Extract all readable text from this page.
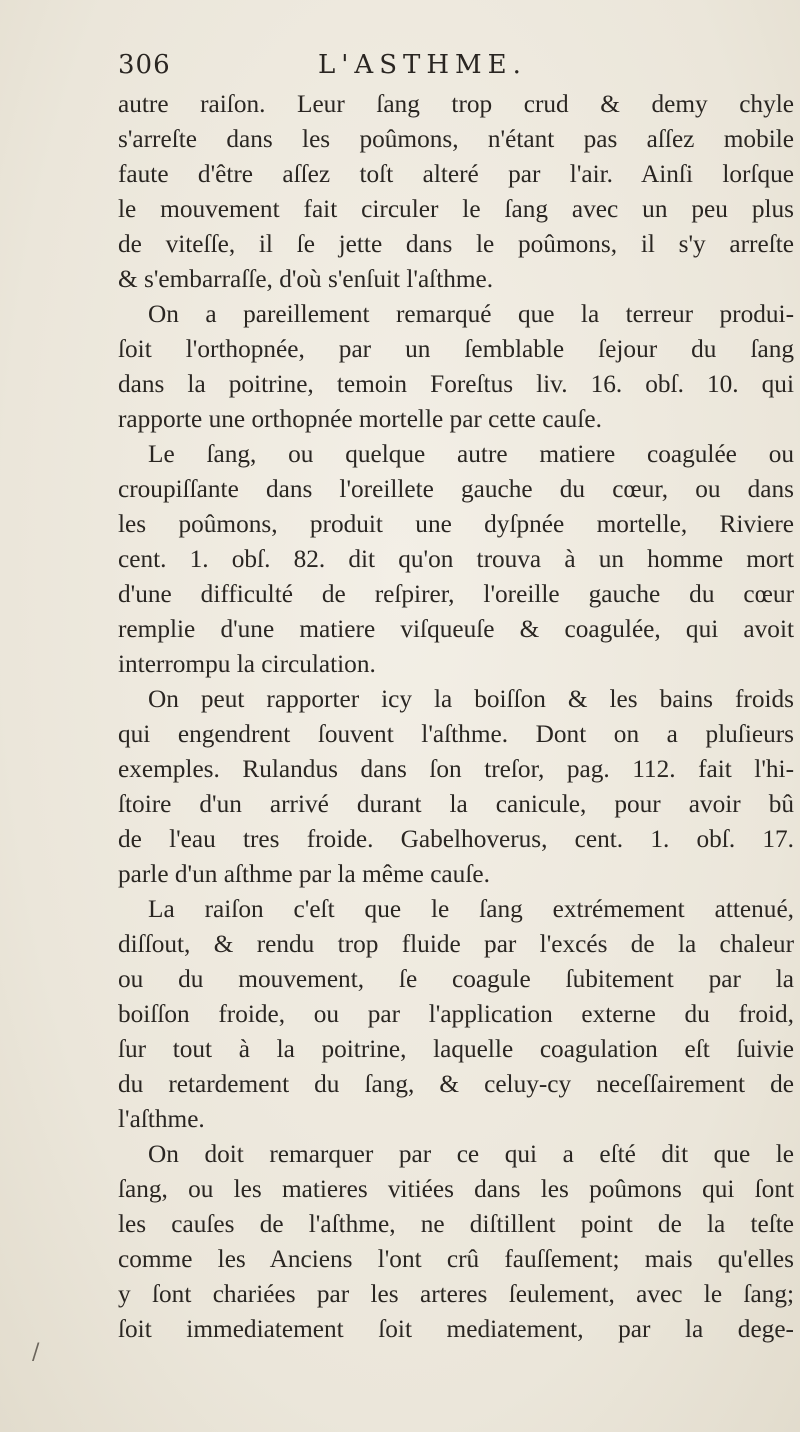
306	L'ASTHME.
autre raiſon. Leur ſang trop crud & demy chyle
s'arreſte dans les poûmons, n'étant pas aſſez mobile
faute d'être aſſez toſt alteré par l'air. Ainſi lorſque
le mouvement fait circuler le ſang avec un peu plus
de viteſſe, il ſe jette dans le poûmons, il s'y arreſte
& s'embarraſſe, d'où s'enſuit l'aſthme.
On a pareillement remarqué que la terreur produi-
ſoit l'orthopnée, par un ſemblable ſejour du ſang
dans la poitrine, temoin Foreſtus liv. 16. obſ. 10. qui
rapporte une orthopnée mortelle par cette cauſe.
Le ſang, ou quelque autre matiere coagulée ou
croupiſſante dans l'oreillete gauche du cœur, ou dans
les poûmons, produit une dyſpnée mortelle, Riviere
cent. 1. obſ. 82. dit qu'on trouva à un homme mort
d'une difficulté de reſpirer, l'oreille gauche du cœur
remplie d'une matiere viſqueuſe & coagulée, qui avoit
interrompu la circulation.
On peut rapporter icy la boiſſon & les bains froids
qui engendrent ſouvent l'aſthme. Dont on a pluſieurs
exemples. Rulandus dans ſon treſor, pag. 112. fait l'hi-
ſtoire d'un arrivé durant la canicule, pour avoir bû
de l'eau tres froide. Gabelhoverus, cent. 1. obſ. 17.
parle d'un aſthme par la même cauſe.
La raiſon c'eſt que le ſang extrémement attenué,
diſſout, & rendu trop fluide par l'excés de la chaleur
ou du mouvement, ſe coagule ſubitement par la
boiſſon froide, ou par l'application externe du froid,
ſur tout à la poitrine, laquelle coagulation eſt ſuivie
du retardement du ſang, & celuy-cy neceſſairement de
l'aſthme.
On doit remarquer par ce qui a eſté dit que le
ſang, ou les matieres vitiées dans les poûmons qui ſont
les cauſes de l'aſthme, ne diſtillent point de la teſte
comme les Anciens l'ont crû fauſſement; mais qu'elles
y ſont chariées par les arteres ſeulement, avec le ſang;
ſoit immediatement ſoit mediatement, par la dege-
/
